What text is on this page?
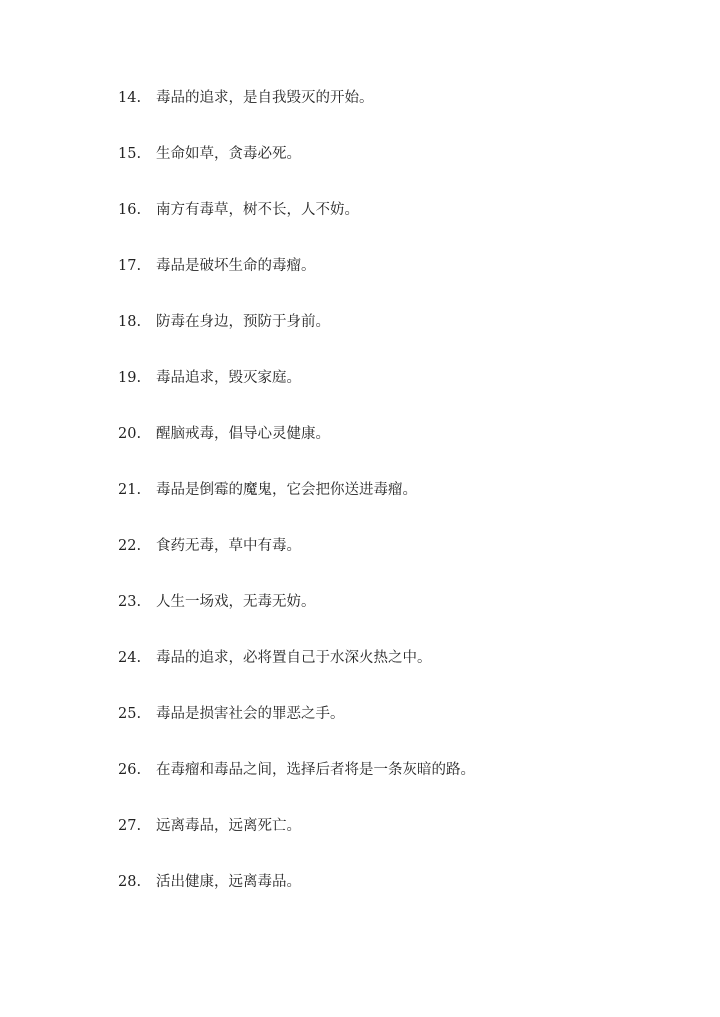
14.	毒品的追求，是自我毁灭的开始。
15.	生命如草，贪毒必死。
16.	南方有毒草，树不长，人不妨。
17.	毒品是破坏生命的毒瘤。
18.	防毒在身边，预防于身前。
19.	毒品追求，毁灭家庭。
20.	醒脑戒毒，倡导心灵健康。
21.	毒品是倒霉的魔鬼，它会把你送进毒瘤。
22.	食药无毒，草中有毒。
23.	人生一场戏，无毒无妨。
24.	毒品的追求，必将置自己于水深火热之中。
25.	毒品是损害社会的罪恶之手。
26.	在毒瘤和毒品之间，选择后者将是一条灰暗的路。
27.	远离毒品，远离死亡。
28.	活出健康，远离毒品。
